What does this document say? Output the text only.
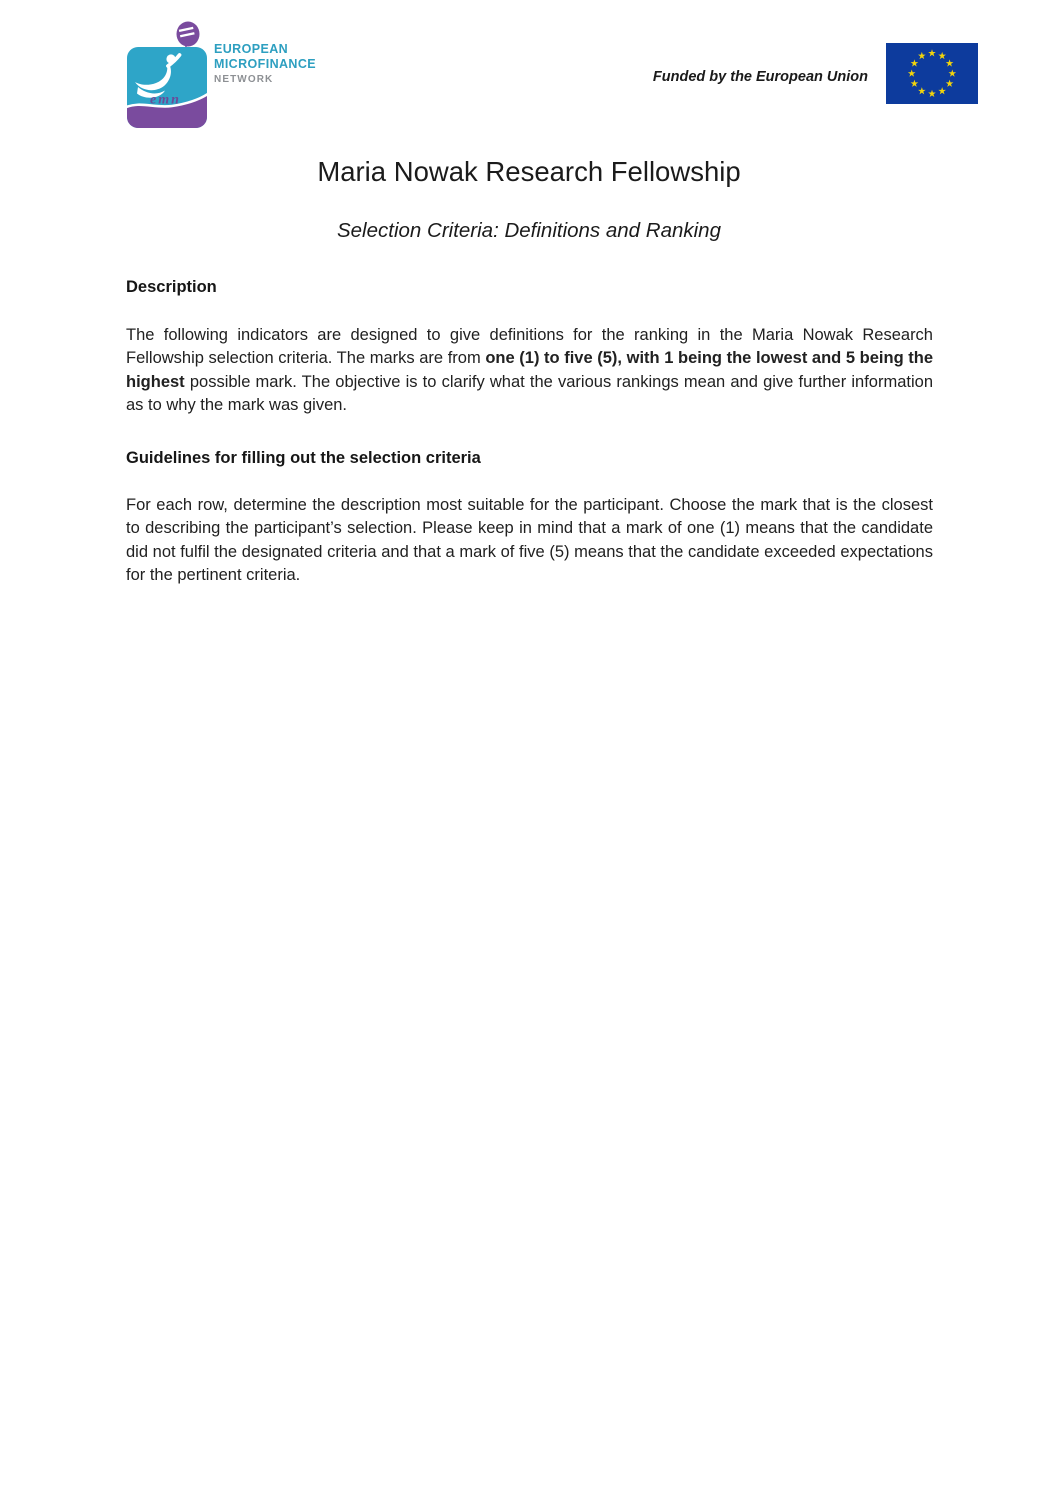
emn
EUROPEAN
MICROFINANCE
NETWORK	Funded by the European Union
Maria Nowak Research Fellowship
Selection Criteria: Definitions and Ranking
Description

The following indicators are designed to give definitions for the ranking in the Maria Nowak Research Fellowship selection criteria. The marks are from one (1) to five (5), with 1 being the lowest and 5 being the highest possible mark. The objective is to clarify what the various rankings mean and give further information as to why the mark was given.

Guidelines for filling out the selection criteria

For each row, determine the description most suitable for the participant. Choose the mark that is the closest to describing the participant’s selection. Please keep in mind that a mark of one (1) means that the candidate did not fulfil the designated criteria and that a mark of five (5) means that the candidate exceeded expectations for the pertinent criteria.
